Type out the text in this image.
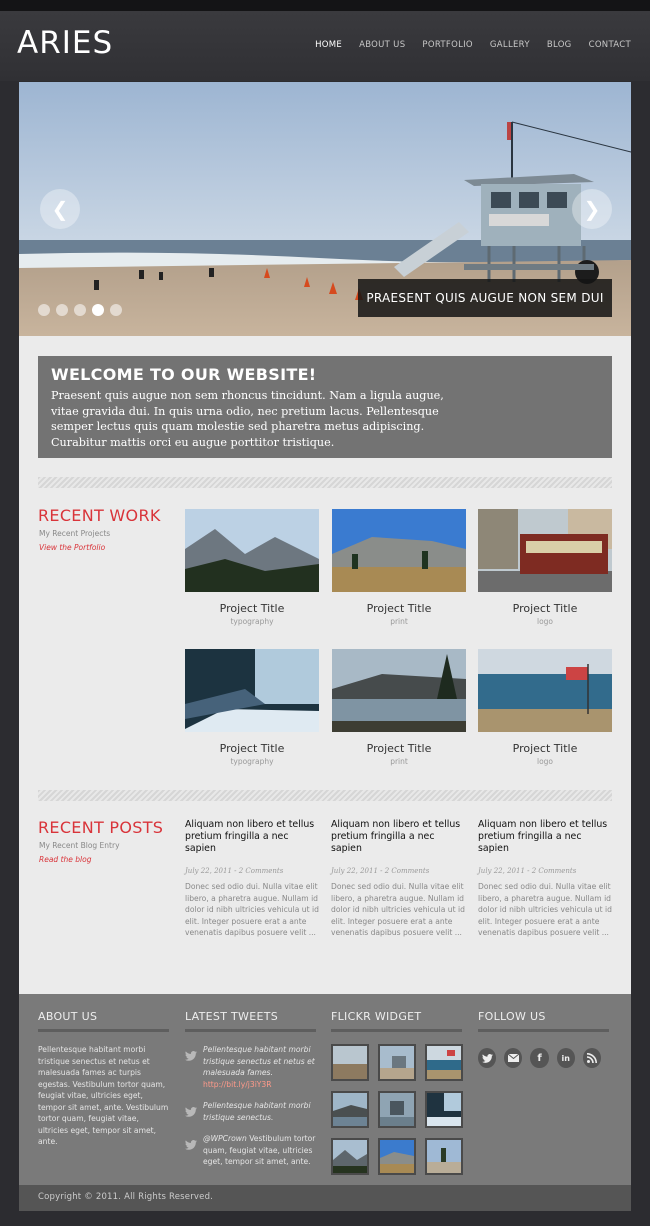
ARIES	HOME ABOUT US PORTFOLIO GALLERY BLOG CONTACT
❮	❯
PRAESENT QUIS AUGUE NON SEM DUI
WELCOME TO OUR WEBSITE!

Praesent quis augue non sem rhoncus tincidunt. Nam a ligula augue, vitae gravida dui. In quis urna odio, nec pretium lacus. Pellentesque semper lectus quis quam molestie sed pharetra metus adipiscing. Curabitur mattis orci eu augue porttitor tristique.

RECENT WORK
My Recent Projects
View the Portfolio
Project Title
typography
Project Title
print
Project Title
logo
Project Title
typography
Project Title
print
Project Title
logo
RECENT POSTS
My Recent Blog Entry
Read the blog
Aliquam non libero et tellus pretium fringilla a nec sapien
July 22, 2011 - 2 Comments

Donec sed odio dui. Nulla vitae elit libero, a pharetra augue. Nullam id dolor id nibh ultricies vehicula ut id elit. Integer posuere erat a ante venenatis dapibus posuere velit ...

Aliquam non libero et tellus pretium fringilla a nec sapien
July 22, 2011 - 2 Comments

Donec sed odio dui. Nulla vitae elit libero, a pharetra augue. Nullam id dolor id nibh ultricies vehicula ut id elit. Integer posuere erat a ante venenatis dapibus posuere velit ...

Aliquam non libero et tellus pretium fringilla a nec sapien
July 22, 2011 - 2 Comments

Donec sed odio dui. Nulla vitae elit libero, a pharetra augue. Nullam id dolor id nibh ultricies vehicula ut id elit. Integer posuere erat a ante venenatis dapibus posuere velit ...

ABOUT US
Pellentesque habitant morbi tristique senectus et netus et malesuada fames ac turpis egestas. Vestibulum tortor quam, feugiat vitae, ultricies eget, tempor sit amet, ante. Vestibulum tortor quam, feugiat vitae, ultricies eget, tempor sit amet, ante.
LATEST TWEETS
Pellentesque habitant morbi tristique senectus et netus et malesuada fames.
http://bit.ly/j3iY3R
Pellentesque habitant morbi tristique senectus.
@WPCrown Vestibulum tortor quam, feugiat vitae, ultricies eget, tempor sit amet, ante.
FLICKR WIDGET	FOLLOW US
f	in
Copyright © 2011. All Rights Reserved.
